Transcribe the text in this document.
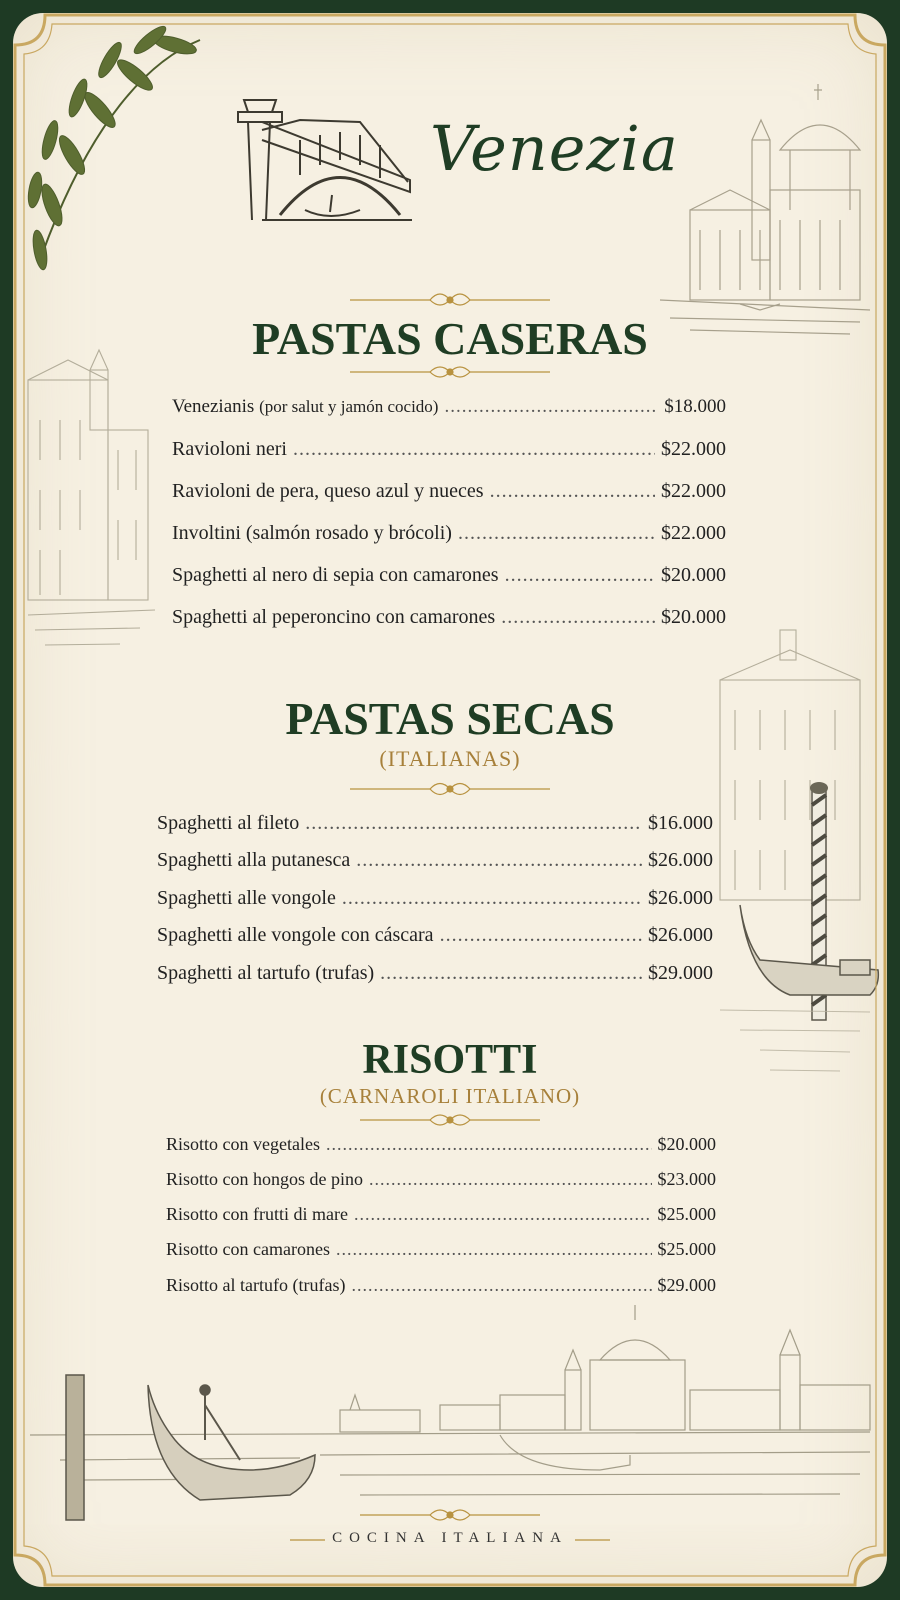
Venezia
PASTAS CASERAS
Venezianis (por salut y jamón cocido) .....	$18.000
Ravioloni neri .....	$22.000
Ravioloni de pera, queso azul y nueces .....	$22.000
Involtini (salmón rosado y brócoli) .....	$22.000
Spaghetti al nero di sepia con camarones .....	$20.000
Spaghetti al peperoncino con camarones .....	$20.000
PASTAS SECAS
(ITALIANAS)
Spaghetti al fileto .....	$16.000
Spaghetti alla putanesca .....	$26.000
Spaghetti alle vongole .....	$26.000
Spaghetti alle vongole con cáscara .....	$26.000
Spaghetti al tartufo (trufas) .....	$29.000
RISOTTI
(CARNAROLI ITALIANO)
Risotto con vegetales .....	$20.000
Risotto con hongos de pino .....	$23.000
Risotto con frutti di mare .....	$25.000
Risotto con camarones .....	$25.000
Risotto al tartufo (trufas) .....	$29.000
COCINA ITALIANA
